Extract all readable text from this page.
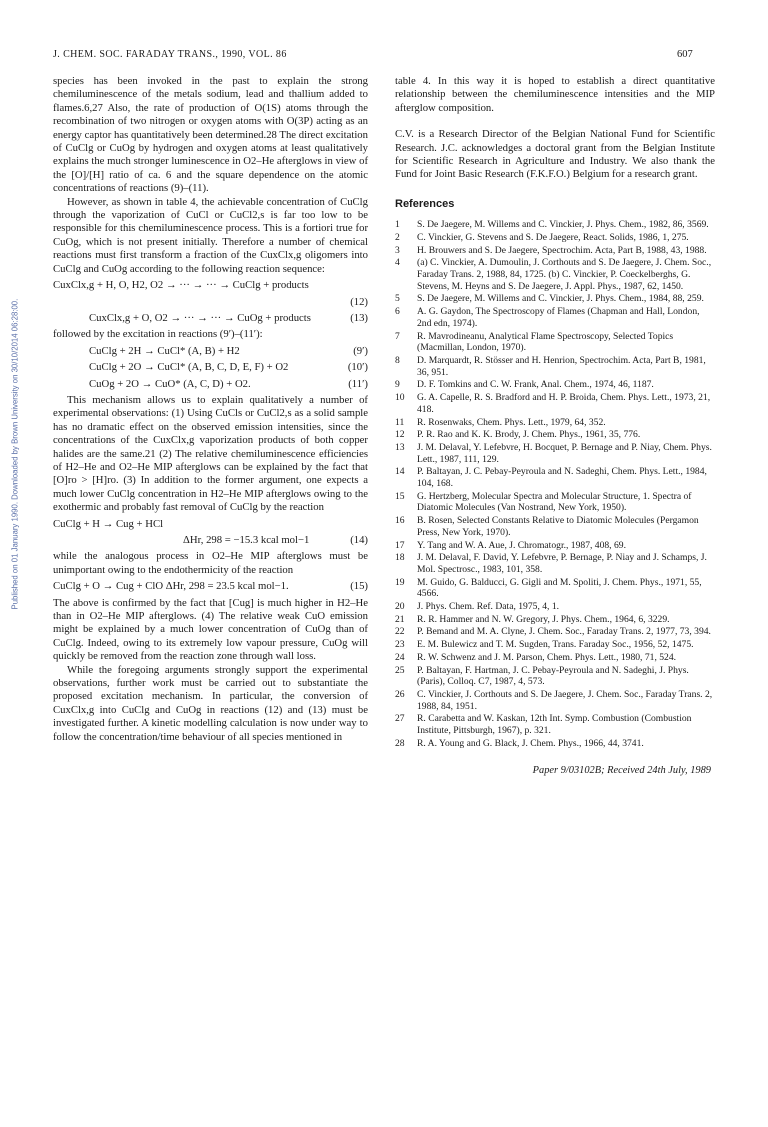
J. CHEM. SOC. FARADAY TRANS., 1990, VOL. 86	607
Published on 01 January 1990. Downloaded by Brown University on 30/10/2014 06:28:00.

species has been invoked in the past to explain the strong chemiluminescence of the metals sodium, lead and thallium added to flames.6,27 Also, the rate of production of O(1S) atoms through the recombination of two nitrogen or oxygen atoms with O(3P) acting as an energy captor has quantitatively been determined.28 The direct excitation of CuClg or CuOg by hydrogen and oxygen atoms at least qualitatively explains the much stronger luminescence in O2–He afterglows in view of the [O]/[H] ratio of ca. 6 and the square dependence on the atomic concentrations of reactions (9)–(11).

However, as shown in table 4, the achievable concentration of CuClg through the vaporization of CuCl or CuCl2,s is far too low to be responsible for this chemiluminescence process. This is a fortiori true for CuOg, which is not present initially. Therefore a number of chemical reactions must first transform a fraction of the CuxClx,g oligomers into CuClg and CuOg according to the following reaction sequence:

CuxClx,g + H, O, H2, O2 → ··· → ··· → CuClg + products
(12)
CuxClx,g + O, O2 → ··· → ··· → CuOg + products	(13)

followed by the excitation in reactions (9′)–(11′):

CuClg + 2H → CuCl* (A, B) + H2	(9′)
CuClg + 2O → CuCl* (A, B, C, D, E, F) + O2	(10′)
CuOg + 2O → CuO* (A, C, D) + O2.	(11′)

This mechanism allows us to explain qualitatively a number of experimental observations: (1) Using CuCls or CuCl2,s as a solid sample has no dramatic effect on the observed emission intensities, since the concentrations of the CuxClx,g vaporization products of both copper halides are the same.21 (2) The relative chemiluminescence efficiencies of H2–He and O2–He MIP afterglows can be explained by the fact that [O]ro > [H]ro. (3) In addition to the former argument, one expects a much lower CuClg concentration in H2–He MIP afterglows owing to the exothermic and probably fast removal of CuClg by the reaction

CuClg + H → Cug + HCl
ΔHr, 298 = −15.3 kcal mol−1	(14)

while the analogous process in O2–He MIP afterglows must be unimportant owing to the endothermicity of the reaction

CuClg + O → Cug + ClO ΔHr, 298 = 23.5 kcal mol−1.	(15)

The above is confirmed by the fact that [Cug] is much higher in H2–He than in O2–He MIP afterglows. (4) The relative weak CuO emission might be explained by a much lower concentration of CuOg than of CuClg. Indeed, owing to its extremely low vapour pressure, CuOg will quickly be removed from the reaction zone through wall loss.

While the foregoing arguments strongly support the experimental observations, further work must be carried out to substantiate the proposed excitation mechanism. In particular, the conversion of CuxClx,g into CuClg and CuOg in reactions (12) and (13) must be investigated further. A kinetic modelling calculation is now under way to follow the concentration/time behaviour of all species mentioned in

table 4. In this way it is hoped to establish a direct quantitative relationship between the chemiluminescence intensities and the MIP afterglow composition.

C.V. is a Research Director of the Belgian National Fund for Scientific Research. J.C. acknowledges a doctoral grant from the Belgian Institute for Scientific Research in Agriculture and Industry. We also thank the Fund for Joint Basic Research (F.K.F.O.) Belgium for a research grant.

References
1	S. De Jaegere, M. Willems and C. Vinckier, J. Phys. Chem., 1982, 86, 3569.
2	C. Vinckier, G. Stevens and S. De Jaegere, React. Solids, 1986, 1, 275.
3	H. Brouwers and S. De Jaegere, Spectrochim. Acta, Part B, 1988, 43, 1988.
4	(a) C. Vinckier, A. Dumoulin, J. Corthouts and S. De Jaegere, J. Chem. Soc., Faraday Trans. 2, 1988, 84, 1725. (b) C. Vinckier, P. Coeckelberghs, G. Stevens, M. Heyns and S. De Jaegere, J. Appl. Phys., 1987, 62, 1450.
5	S. De Jaegere, M. Willems and C. Vinckier, J. Phys. Chem., 1984, 88, 259.
6	A. G. Gaydon, The Spectroscopy of Flames (Chapman and Hall, London, 2nd edn, 1974).
7	R. Mavrodineanu, Analytical Flame Spectroscopy, Selected Topics (Macmillan, London, 1970).
8	D. Marquardt, R. Stösser and H. Henrion, Spectrochim. Acta, Part B, 1981, 36, 951.
9	D. F. Tomkins and C. W. Frank, Anal. Chem., 1974, 46, 1187.
10	G. A. Capelle, R. S. Bradford and H. P. Broida, Chem. Phys. Lett., 1973, 21, 418.
11	R. Rosenwaks, Chem. Phys. Lett., 1979, 64, 352.
12	P. R. Rao and K. K. Brody, J. Chem. Phys., 1961, 35, 776.
13	J. M. Delaval, Y. Lefebvre, H. Bocquet, P. Bernage and P. Niay, Chem. Phys. Lett., 1987, 111, 129.
14	P. Baltayan, J. C. Pebay-Peyroula and N. Sadeghi, Chem. Phys. Lett., 1984, 104, 168.
15	G. Hertzberg, Molecular Spectra and Molecular Structure, 1. Spectra of Diatomic Molecules (Van Nostrand, New York, 1950).
16	B. Rosen, Selected Constants Relative to Diatomic Molecules (Pergamon Press, New York, 1970).
17	Y. Tang and W. A. Aue, J. Chromatogr., 1987, 408, 69.
18	J. M. Delaval, F. David, Y. Lefebvre, P. Bernage, P. Niay and J. Schamps, J. Mol. Spectrosc., 1983, 101, 358.
19	M. Guido, G. Balducci, G. Gigli and M. Spoliti, J. Chem. Phys., 1971, 55, 4566.
20	J. Phys. Chem. Ref. Data, 1975, 4, 1.
21	R. R. Hammer and N. W. Gregory, J. Phys. Chem., 1964, 6, 3229.
22	P. Bemand and M. A. Clyne, J. Chem. Soc., Faraday Trans. 2, 1977, 73, 394.
23	E. M. Bulewicz and T. M. Sugden, Trans. Faraday Soc., 1956, 52, 1475.
24	R. W. Schwenz and J. M. Parson, Chem. Phys. Lett., 1980, 71, 524.
25	P. Baltayan, F. Hartman, J. C. Pebay-Peyroula and N. Sadeghi, J. Phys. (Paris), Colloq. C7, 1987, 4, 573.
26	C. Vinckier, J. Corthouts and S. De Jaegere, J. Chem. Soc., Faraday Trans. 2, 1988, 84, 1951.
27	R. Carabetta and W. Kaskan, 12th Int. Symp. Combustion (Combustion Institute, Pittsburgh, 1967), p. 321.
28	R. A. Young and G. Black, J. Chem. Phys., 1966, 44, 3741.
Paper 9/03102B; Received 24th July, 1989
